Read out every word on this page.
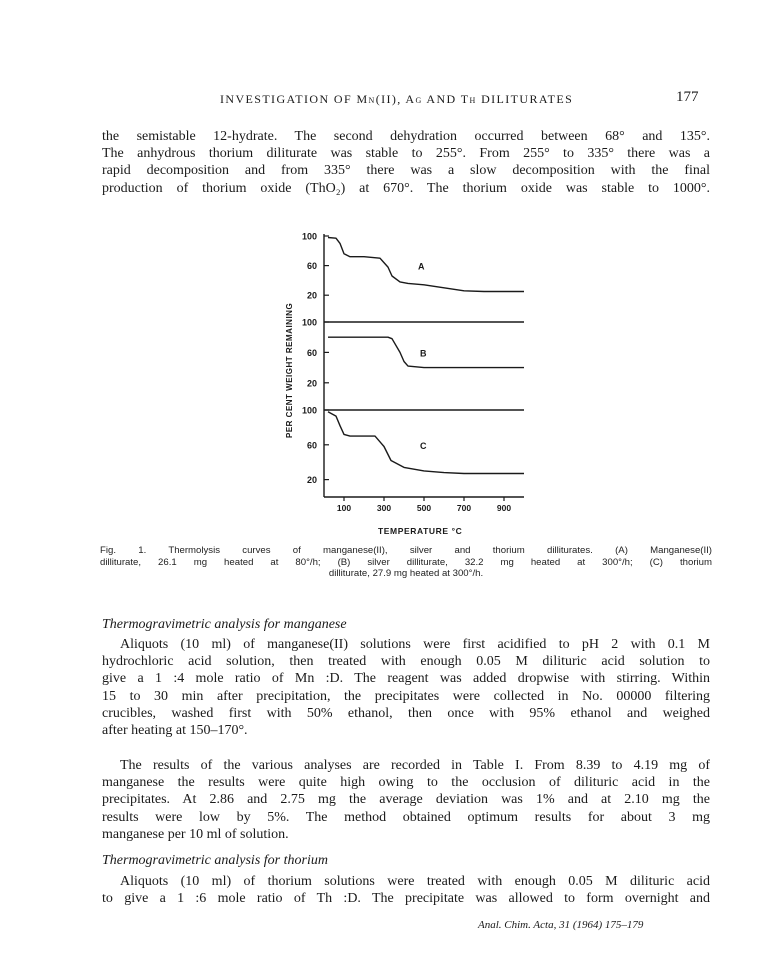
INVESTIGATION OF Mn(II), Ag AND Th DILITURATES	177
the semistable 12-hydrate. The second dehydration occurred between 68° and 135°.
The anhydrous thorium diliturate was stable to 255°. From 255° to 335° there was a
rapid decomposition and from 335° there was a slow decomposition with the final
production of thorium oxide (ThO₂) at 670°. The thorium oxide was stable to 1000°.
100
60
20
A
100
60
20
B
100
60
20
C
100	300	500	700	900
TEMPERATURE °C
PER CENT WEIGHT REMAINING
Fig. 1. Thermolysis curves of manganese(II), silver and thorium dilliturates. (A) Manganese(II)
dilliturate, 26.1 mg heated at 80°/h; (B) silver dilliturate, 32.2 mg heated at 300°/h; (C) thorium
dilliturate, 27.9 mg heated at 300°/h.
Thermogravimetric analysis for manganese
Aliquots (10 ml) of manganese(II) solutions were first acidified to pH 2 with 0.1 M
hydrochloric acid solution, then treated with enough 0.05 M dilituric acid solution to
give a 1 :4 mole ratio of Mn :D. The reagent was added dropwise with stirring. Within
15 to 30 min after precipitation, the precipitates were collected in No. 00000 filtering
crucibles, washed first with 50% ethanol, then once with 95% ethanol and weighed
after heating at 150–170°.
The results of the various analyses are recorded in Table I. From 8.39 to 4.19 mg of
manganese the results were quite high owing to the occlusion of dilituric acid in the
precipitates. At 2.86 and 2.75 mg the average deviation was 1% and at 2.10 mg the
results were low by 5%. The method obtained optimum results for about 3 mg
manganese per 10 ml of solution.
Thermogravimetric analysis for thorium
Aliquots (10 ml) of thorium solutions were treated with enough 0.05 M dilituric acid
to give a 1 :6 mole ratio of Th :D. The precipitate was allowed to form overnight and
Anal. Chim. Acta, 31 (1964) 175–179
